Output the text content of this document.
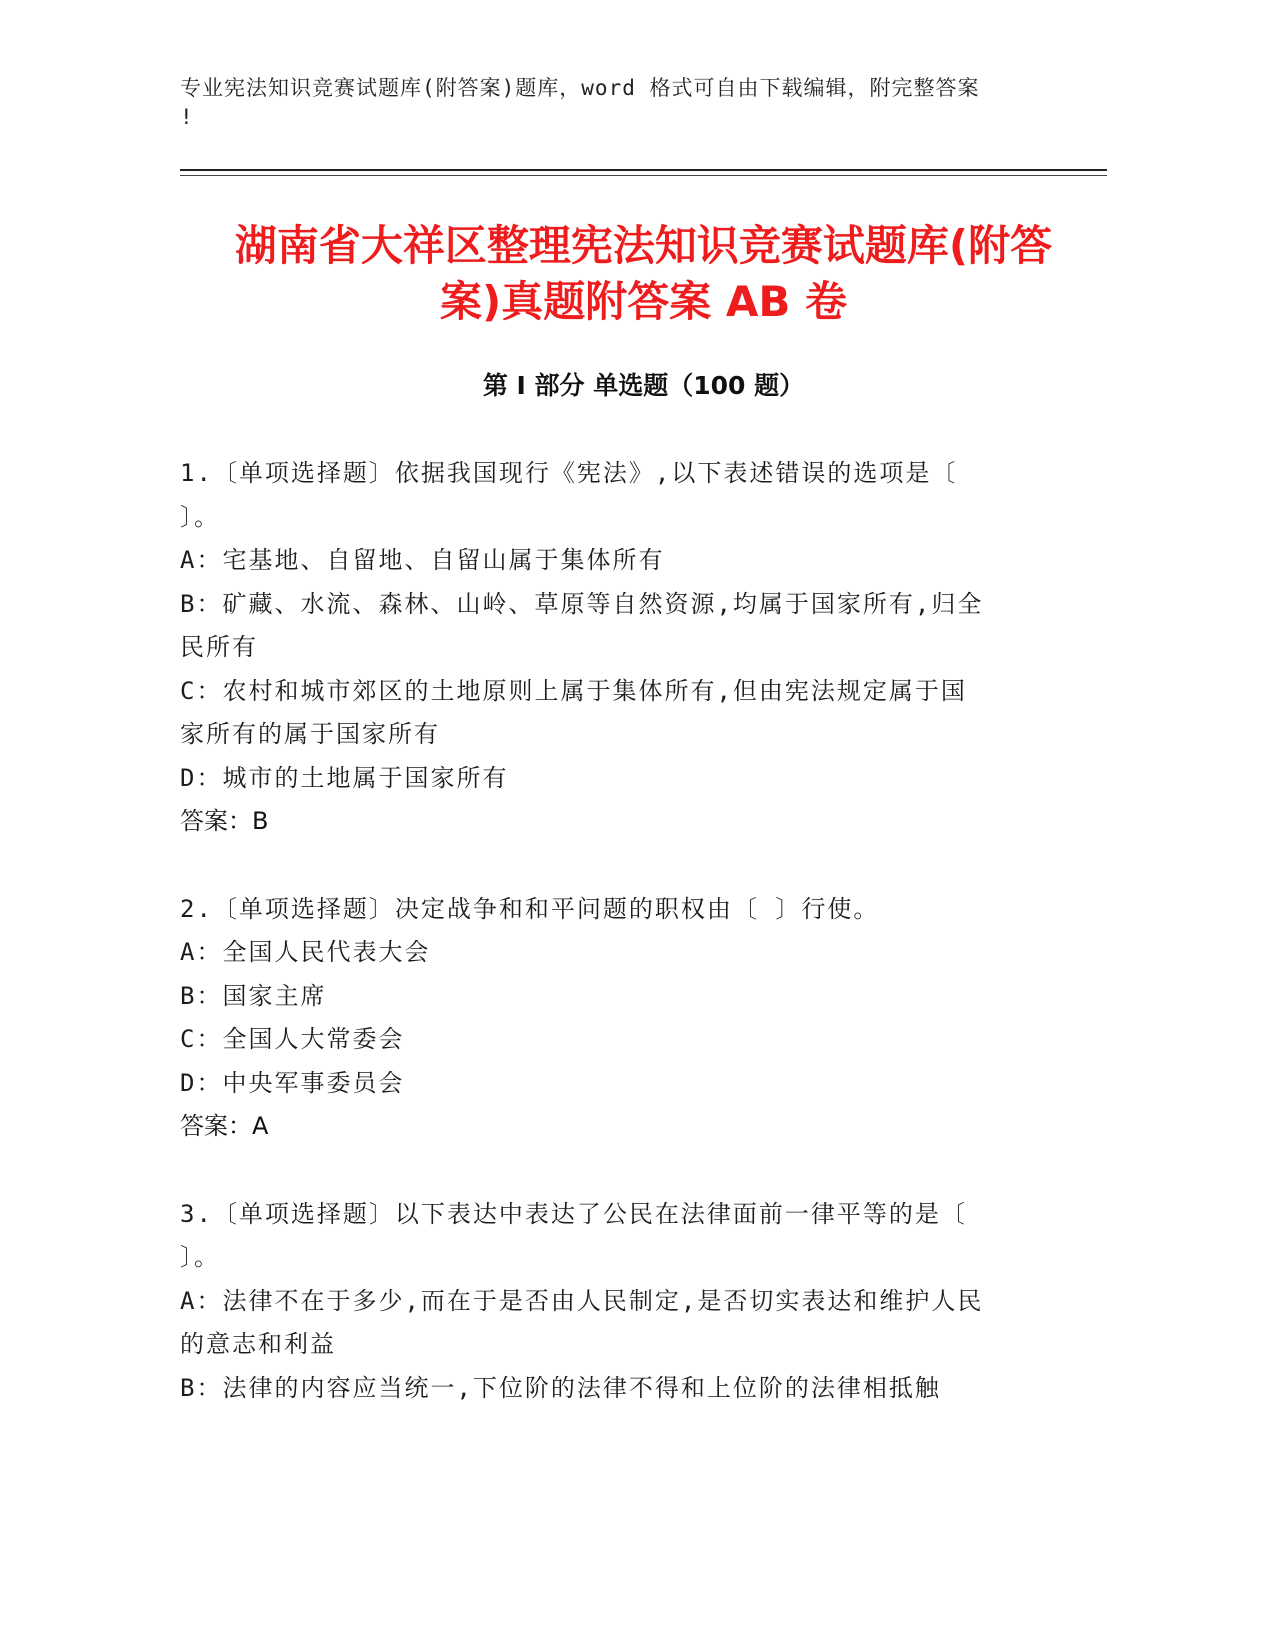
专业宪法知识竞赛试题库(附答案)题库，word 格式可自由下载编辑，附完整答案
!
湖南省大祥区整理宪法知识竞赛试题库(附答
案)真题附答案 AB 卷
第 I 部分 单选题（100 题）
1.〔单项选择题〕依据我国现行《宪法》,以下表述错误的选项是〔
〕。
A：宅基地、自留地、自留山属于集体所有
B：矿藏、水流、森林、山岭、草原等自然资源,均属于国家所有,归全
民所有
C：农村和城市郊区的土地原则上属于集体所有,但由宪法规定属于国
家所有的属于国家所有
D：城市的土地属于国家所有
答案：B
2.〔单项选择题〕决定战争和和平问题的职权由〔 〕行使。
A：全国人民代表大会
B：国家主席
C：全国人大常委会
D：中央军事委员会
答案：A
3.〔单项选择题〕以下表达中表达了公民在法律面前一律平等的是〔
〕。
A：法律不在于多少,而在于是否由人民制定,是否切实表达和维护人民
的意志和利益
B：法律的内容应当统一,下位阶的法律不得和上位阶的法律相抵触
